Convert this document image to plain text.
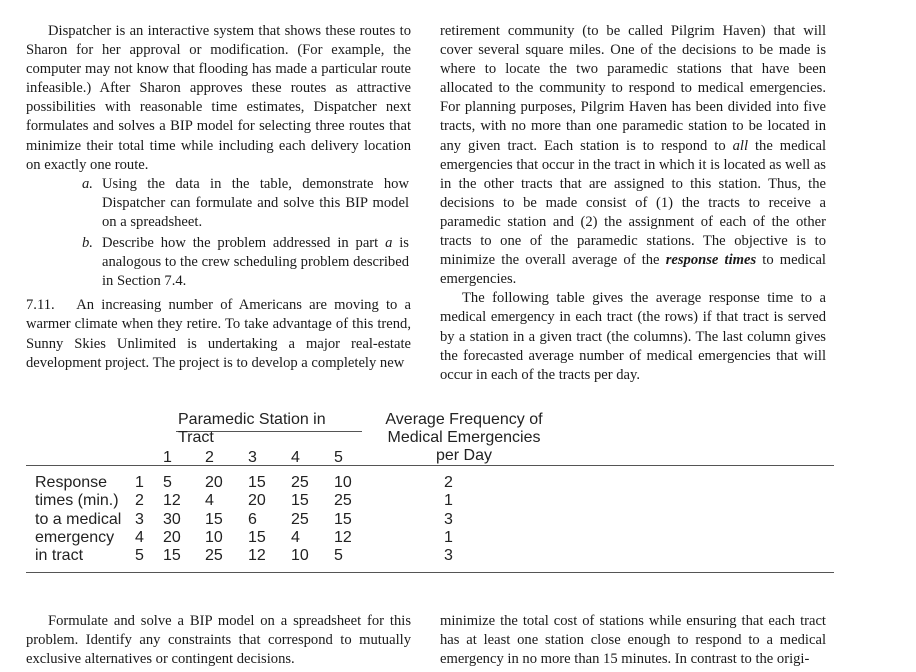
Dispatcher is an interactive system that shows these routes to Sharon for her approval or modification. (For example, the computer may not know that flooding has made a particular route infeasible.) After Sharon approves these routes as attractive possibilities with reasonable time estimates, Dispatcher next formulates and solves a BIP model for selecting three routes that minimize their total time while including each delivery location on exactly one route.

a. Using the data in the table, demonstrate how Dispatcher can formulate and solve this BIP model on a spreadsheet.
b. Describe how the problem addressed in part a is analogous to the crew scheduling problem described in Section 7.4.

7.11. An increasing number of Americans are moving to a warmer climate when they retire. To take advantage of this trend, Sunny Skies Unlimited is undertaking a major real-estate development project. The project is to develop a completely new

retirement community (to be called Pilgrim Haven) that will cover several square miles. One of the decisions to be made is where to locate the two paramedic stations that have been allocated to the community to respond to medical emergencies. For planning purposes, Pilgrim Haven has been divided into five tracts, with no more than one paramedic station to be located in any given tract. Each station is to respond to all the medical emergencies that occur in the tract in which it is located as well as in the other tracts that are assigned to this station. Thus, the decisions to be made consist of (1) the tracts to receive a paramedic station and (2) the assignment of each of the other tracts to one of the paramedic stations. The objective is to minimize the overall average of the response times to medical emergencies.

The following table gives the average response time to a medical emergency in each tract (the rows) if that tract is served by a station in a given tract (the columns). The last column gives the forecasted average number of medical emergencies that will occur in each of the tracts per day.

Paramedic Station in Tract
Average Frequency of
Medical Emergencies
per Day
1 2 3 4 5
Response
times (min.)
to a medical
emergency
in tract
1 5 20 15 25 10	2
2 12 4 20 15 25	1
3 30 15 6 25 15	3
4 20 10 15 4 12	1
5 15 25 12 10 5	3

Formulate and solve a BIP model on a spreadsheet for this problem. Identify any constraints that correspond to mutually exclusive alternatives or contingent decisions.

minimize the total cost of stations while ensuring that each tract has at least one station close enough to respond to a medical emergency in no more than 15 minutes. In contrast to the origi-
